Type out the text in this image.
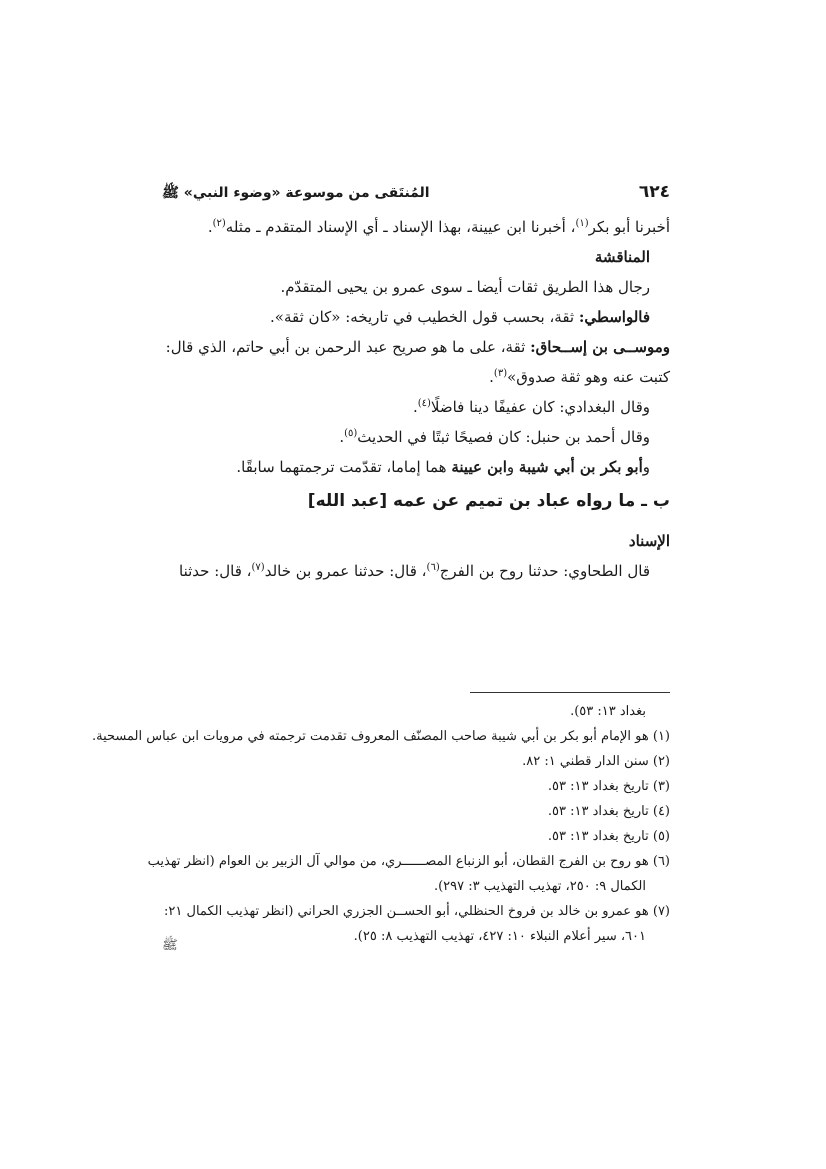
٦٢٤
المُنتَقى من موسوعة «وضوء النبي» ﷺ

أخبرنا أبو بكر$^{(١)}$، أخبرنا ابن عيينة، بهذا الإسناد ـ أي الإسناد المتقدم ـ مثله$^{(٢)}$.

المناقشة

رجال هذا الطريق ثقات أيضا ـ سوى عمرو بن يحيى المتقدّم.

فالواسطي: ثقة، بحسب قول الخطيب في تاريخه: «كان ثقة».

وموســى بن إســحاق: ثقة، على ما هو صريح عبد الرحمن بن أبي حاتم، الذي قال:

كتبت عنه وهو ثقة صدوق»$^{(٣)}$.

وقال البغدادي: كان عفيفًا دينا فاضلًا$^{(٤)}$.

وقال أحمد بن حنبل: كان فصيحًا ثبتًا في الحديث$^{(٥)}$.

وأبو بكر بن أبي شيبة وابن عيينة هما إماما، تقدّمت ترجمتهما سابقًا.

ب ـ ما رواه عباد بن تميم عن عمه [عبد الله]

الإسناد

قال الطحاوي: حدثنا روح بن الفرج$^{(٦)}$، قال: حدثنا عمرو بن خالد$^{(٧)}$، قال: حدثنا

بغداد ١٣: ٥٣).
(١) هو الإمام أبو بكر بن أبي شيبة صاحب المصنّف المعروف تقدمت ترجمته في مرويات ابن عباس المسحية.
(٢) سنن الدار قطني ١: ٨٢.
(٣) تاريخ بغداد ١٣: ٥٣.
(٤) تاريخ بغداد ١٣: ٥٣.
(٥) تاريخ بغداد ١٣: ٥٣.
(٦) هو روح بن الفرج القطان، أبو الزنباع المصــــــري، من موالي آل الزبير بن العوام (انظر تهذيب
الكمال ٩: ٢٥٠، تهذيب التهذيب ٣: ٢٩٧).
(٧) هو عمرو بن خالد بن فروخ الحنظلي، أبو الحســن الجزري الحراني (انظر تهذيب الكمال ٢١:
٦٠١، سير أعلام النبلاء ١٠: ٤٢٧، تهذيب التهذيب ٨: ٢٥).
ﷺ
